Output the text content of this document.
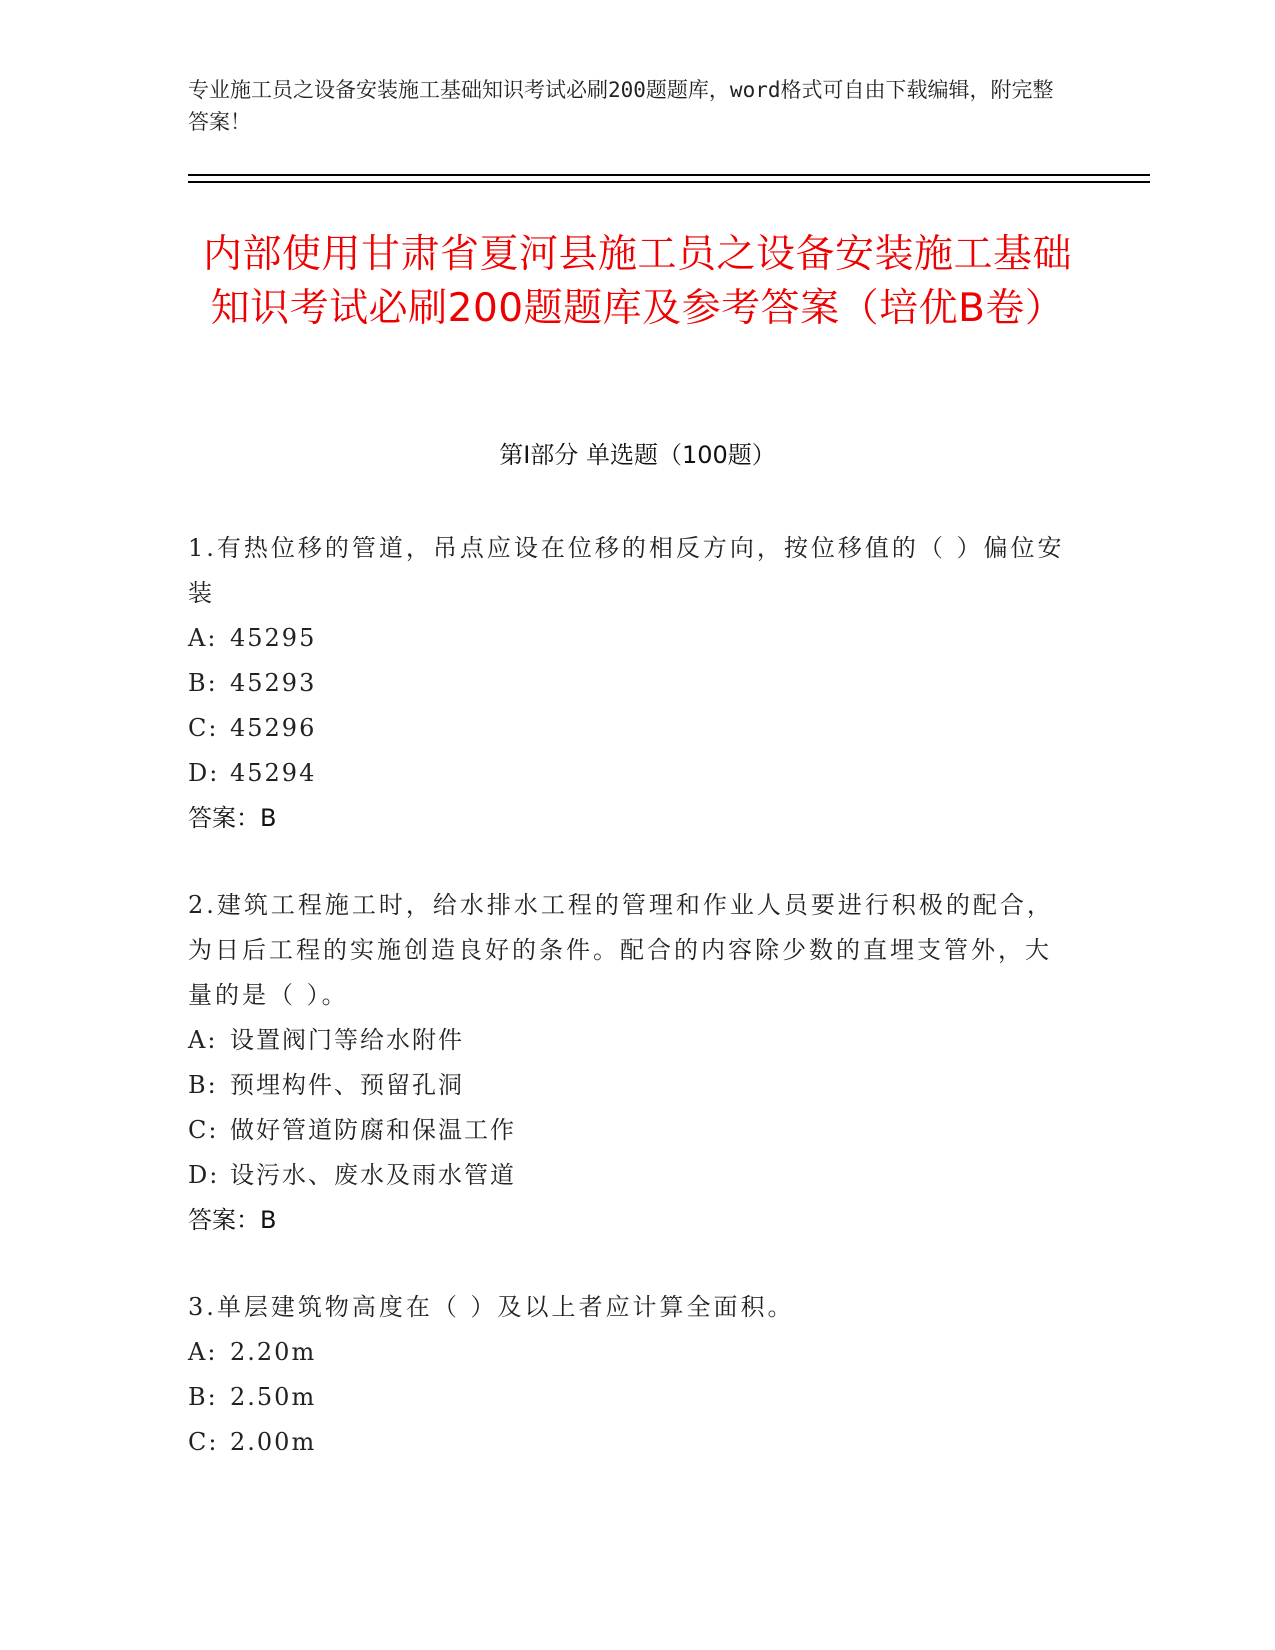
专业施工员之设备安装施工基础知识考试必刷200题题库，word格式可自由下载编辑，附完整答案！
内部使用甘肃省夏河县施工员之设备安装施工基础知识考试必刷200题题库及参考答案（培优B卷）
第Ⅰ部分 单选题（100题）
1.有热位移的管道，吊点应设在位移的相反方向，按位移值的（ ）偏位安装
A: 45295
B: 45293
C: 45296
D: 45294
答案：B
2.建筑工程施工时，给水排水工程的管理和作业人员要进行积极的配合，为日后工程的实施创造良好的条件。配合的内容除少数的直埋支管外，大量的是（ ）。
A: 设置阀门等给水附件
B: 预埋构件、预留孔洞
C: 做好管道防腐和保温工作
D: 设污水、废水及雨水管道
答案：B
3.单层建筑物高度在（ ）及以上者应计算全面积。
A: 2.20m
B: 2.50m
C: 2.00m
